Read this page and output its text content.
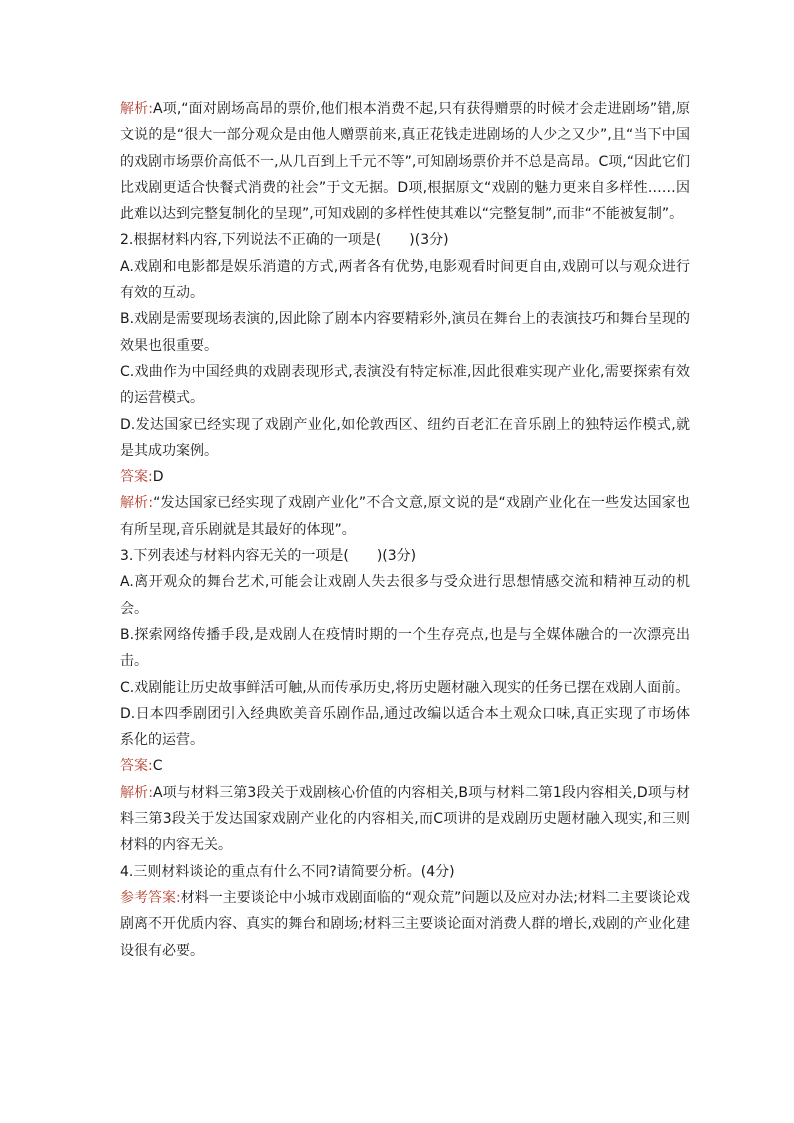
解析:A项,“面对剧场高昂的票价,他们根本消费不起,只有获得赠票的时候才会走进剧场”错,原文说的是“很大一部分观众是由他人赠票前来,真正花钱走进剧场的人少之又少”,且“当下中国的戏剧市场票价高低不一,从几百到上千元不等”,可知剧场票价并不总是高昂。C项,“因此它们比戏剧更适合快餐式消费的社会”于文无据。D项,根据原文“戏剧的魅力更来自多样性……因此难以达到完整复制化的呈现”,可知戏剧的多样性使其难以“完整复制”,而非“不能被复制”。

2.根据材料内容,下列说法不正确的一项是(　　)(3分)

A.戏剧和电影都是娱乐消遣的方式,两者各有优势,电影观看时间更自由,戏剧可以与观众进行有效的互动。

B.戏剧是需要现场表演的,因此除了剧本内容要精彩外,演员在舞台上的表演技巧和舞台呈现的效果也很重要。

C.戏曲作为中国经典的戏剧表现形式,表演没有特定标准,因此很难实现产业化,需要探索有效的运营模式。

D.发达国家已经实现了戏剧产业化,如伦敦西区、纽约百老汇在音乐剧上的独特运作模式,就是其成功案例。

答案:D

解析:“发达国家已经实现了戏剧产业化”不合文意,原文说的是“戏剧产业化在一些发达国家也有所呈现,音乐剧就是其最好的体现”。

3.下列表述与材料内容无关的一项是(　　)(3分)

A.离开观众的舞台艺术,可能会让戏剧人失去很多与受众进行思想情感交流和精神互动的机会。

B.探索网络传播手段,是戏剧人在疫情时期的一个生存亮点,也是与全媒体融合的一次漂亮出击。

C.戏剧能让历史故事鲜活可触,从而传承历史,将历史题材融入现实的任务已摆在戏剧人面前。

D.日本四季剧团引入经典欧美音乐剧作品,通过改编以适合本土观众口味,真正实现了市场体系化的运营。

答案:C

解析:A项与材料三第3段关于戏剧核心价值的内容相关,B项与材料二第1段内容相关,D项与材料三第3段关于发达国家戏剧产业化的内容相关,而C项讲的是戏剧历史题材融入现实,和三则材料的内容无关。

4.三则材料谈论的重点有什么不同?请简要分析。(4分)

参考答案:材料一主要谈论中小城市戏剧面临的“观众荒”问题以及应对办法;材料二主要谈论戏剧离不开优质内容、真实的舞台和剧场;材料三主要谈论面对消费人群的增长,戏剧的产业化建设很有必要。
